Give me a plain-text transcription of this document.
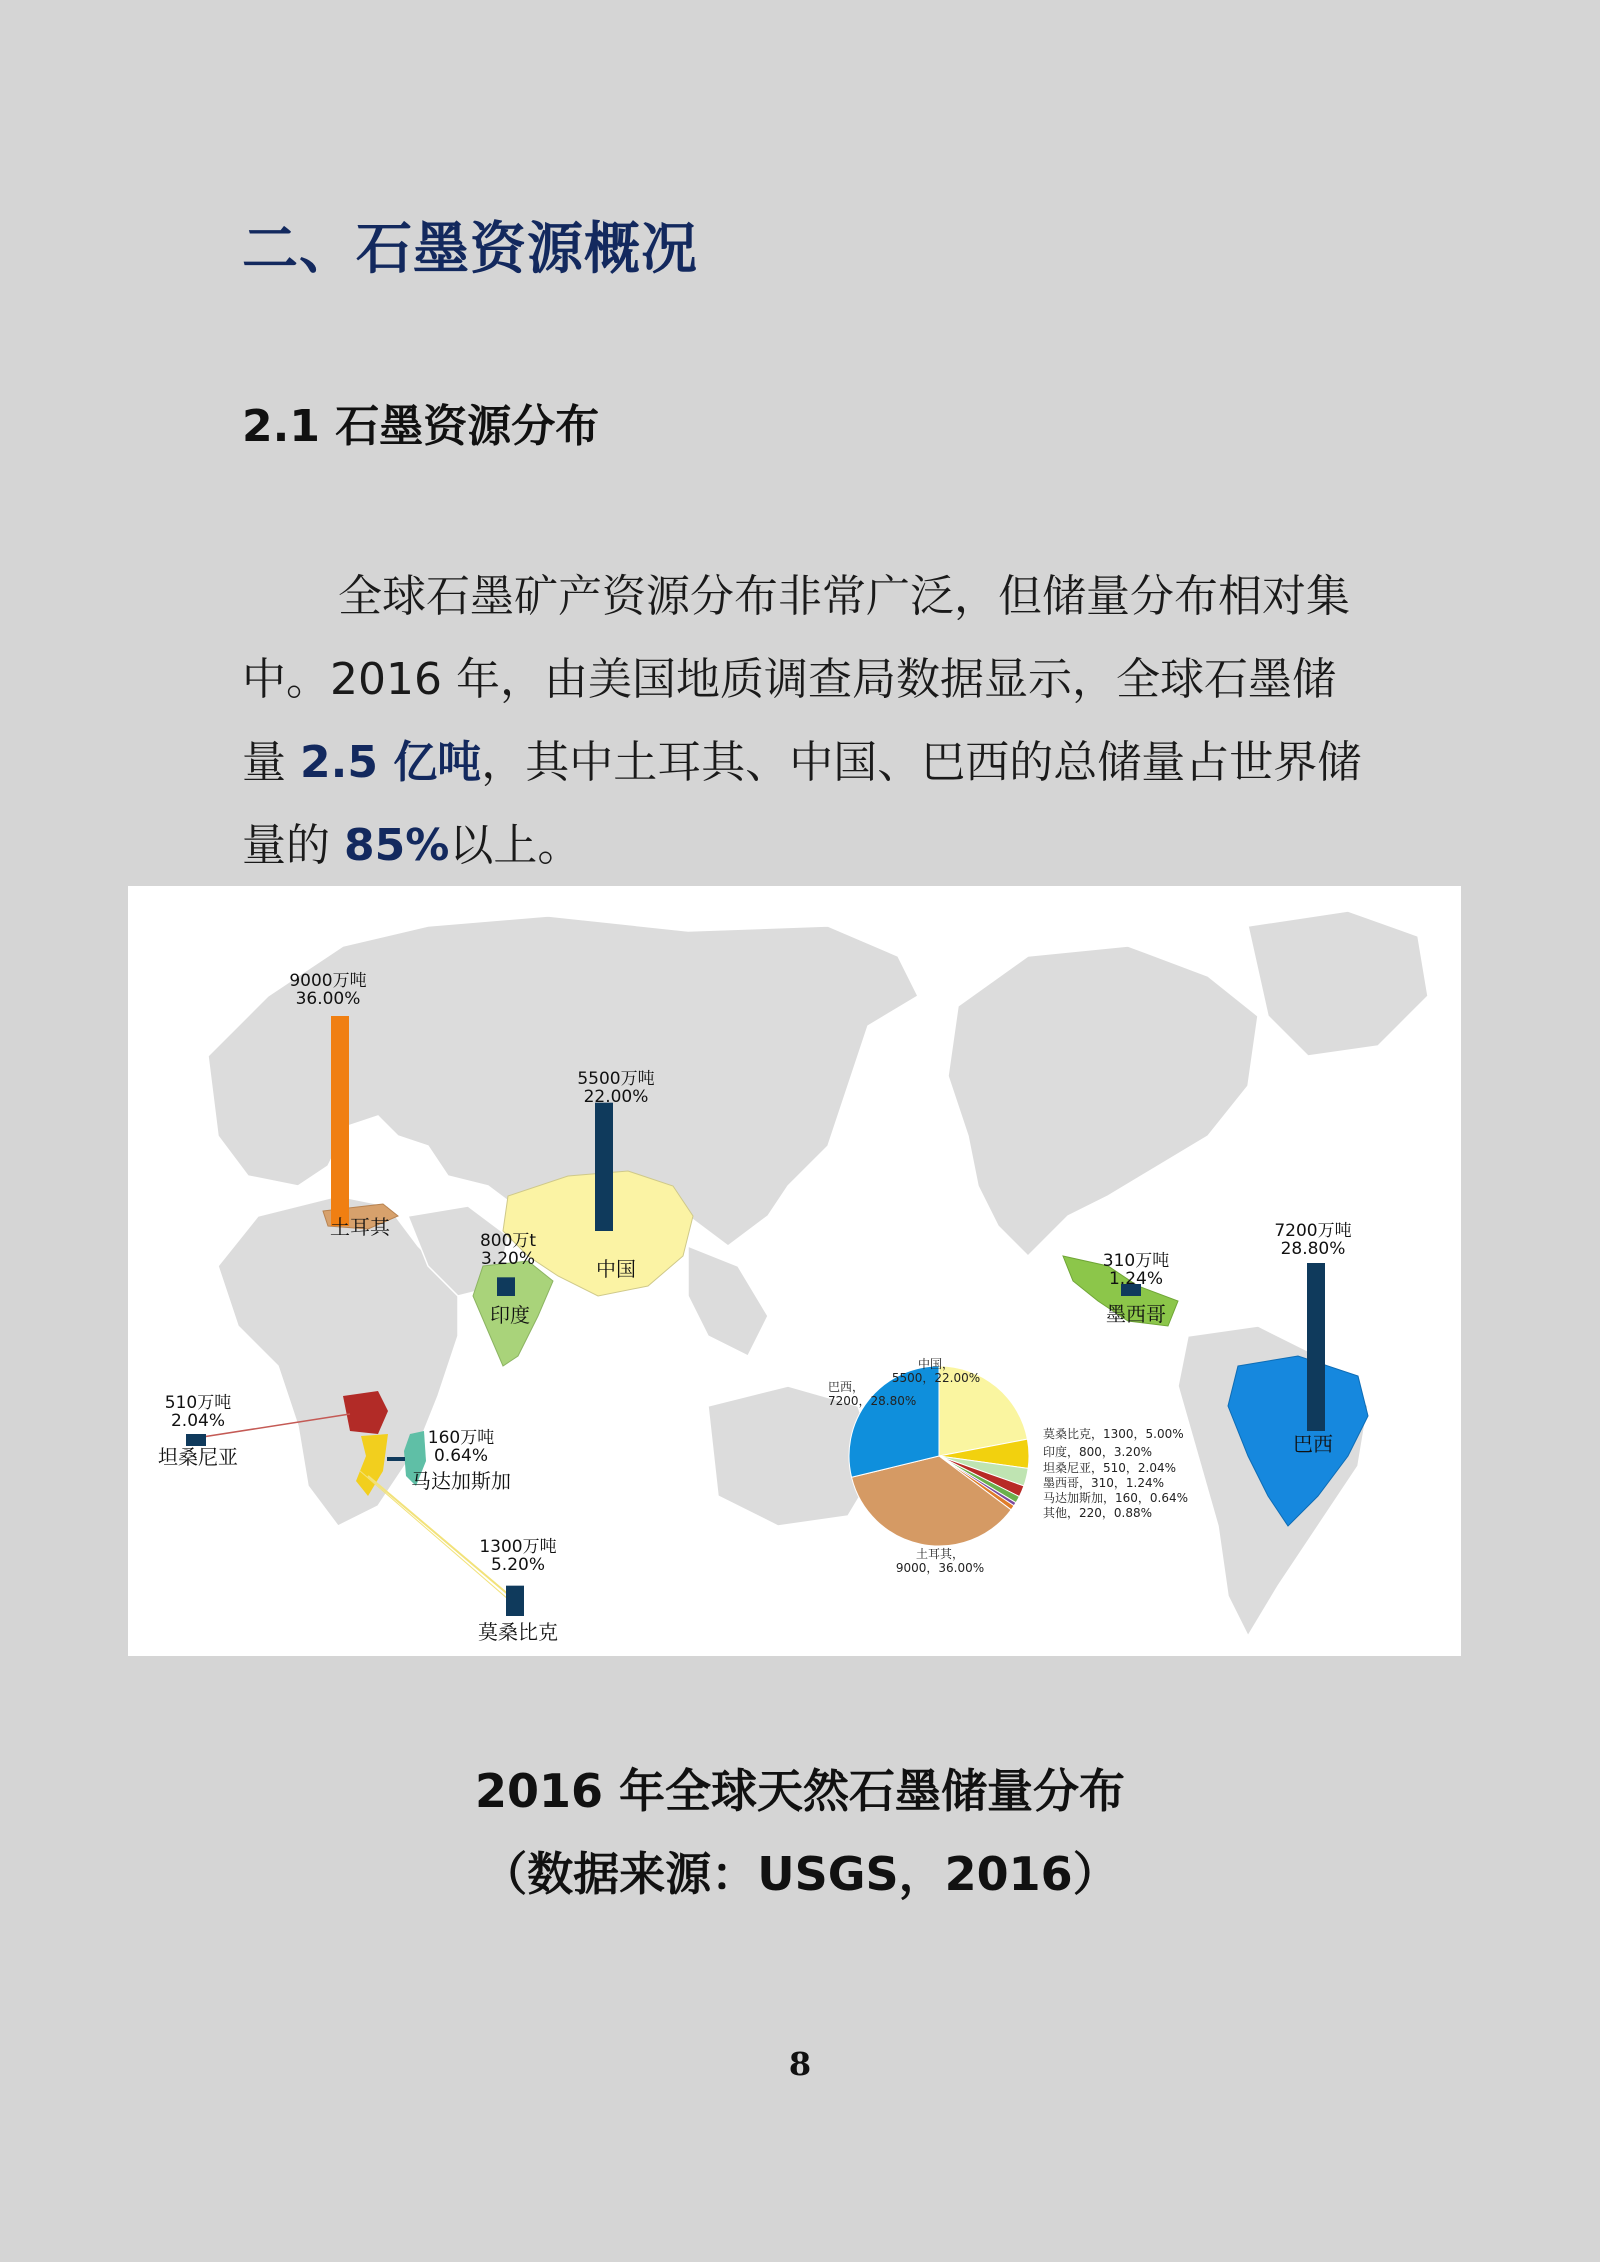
二、石墨资源概况
2.1 石墨资源分布
全球石墨矿产资源分布非常广泛，但储量分布相对集中。2016 年，由美国地质调查局数据显示，全球石墨储量 2.5 亿吨，其中土耳其、中国、巴西的总储量占世界储量的 85%以上。
9000万吨
36.00%
土耳其
5500万吨
22.00%
中国
800万t
3.20%
印度
310万吨
1.24%
墨西哥
7200万吨
28.80%
巴西
510万吨
2.04%
坦桑尼亚
160万吨
0.64%
马达加斯加
1300万吨
5.20%
莫桑比克
中国，
5500，22.00%
巴西，
7200，28.80%
莫桑比克，1300，5.00%
印度，800，3.20%
坦桑尼亚，510，2.04%
墨西哥，310，1.24%
马达加斯加，160，0.64%
其他，220，0.88%
土耳其，
9000，36.00%
2016 年全球天然石墨储量分布
（数据来源：USGS，2016）
8
